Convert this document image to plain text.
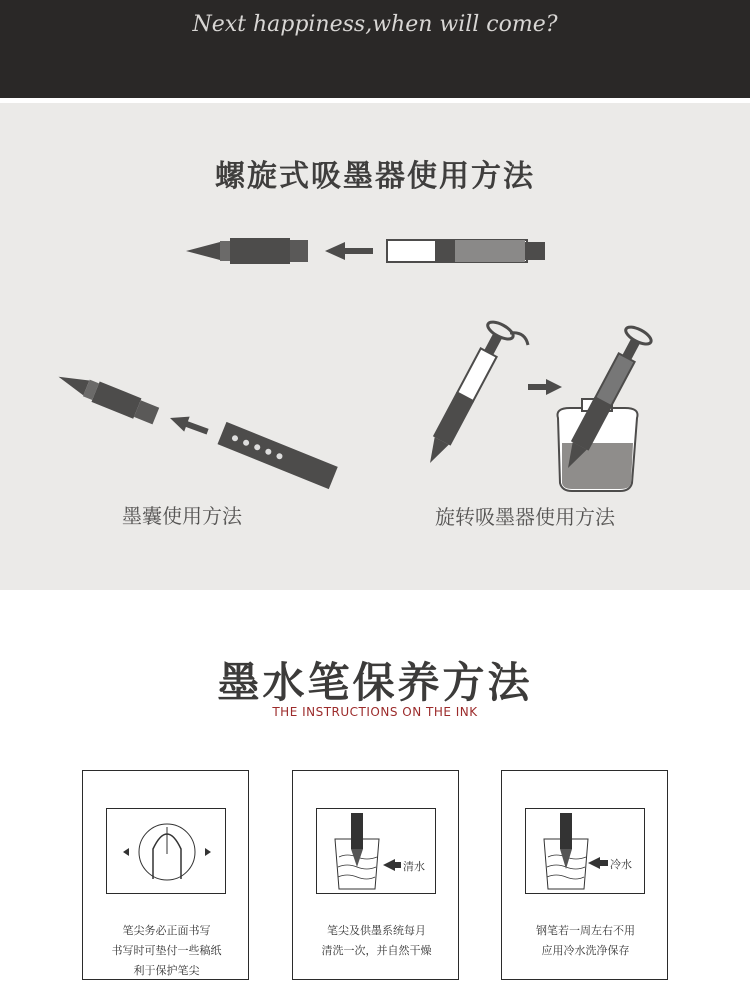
Next happiness,when will come?
螺旋式吸墨器使用方法
墨囊使用方法	旋转吸墨器使用方法
墨水笔保养方法
THE INSTRUCTIONS ON THE INK
笔尖务必正面书写
书写时可垫付一些稿纸
利于保护笔尖
清水
笔尖及供墨系统每月
清洗一次，并自然干燥
冷水
钢笔若一周左右不用
应用冷水洗净保存
